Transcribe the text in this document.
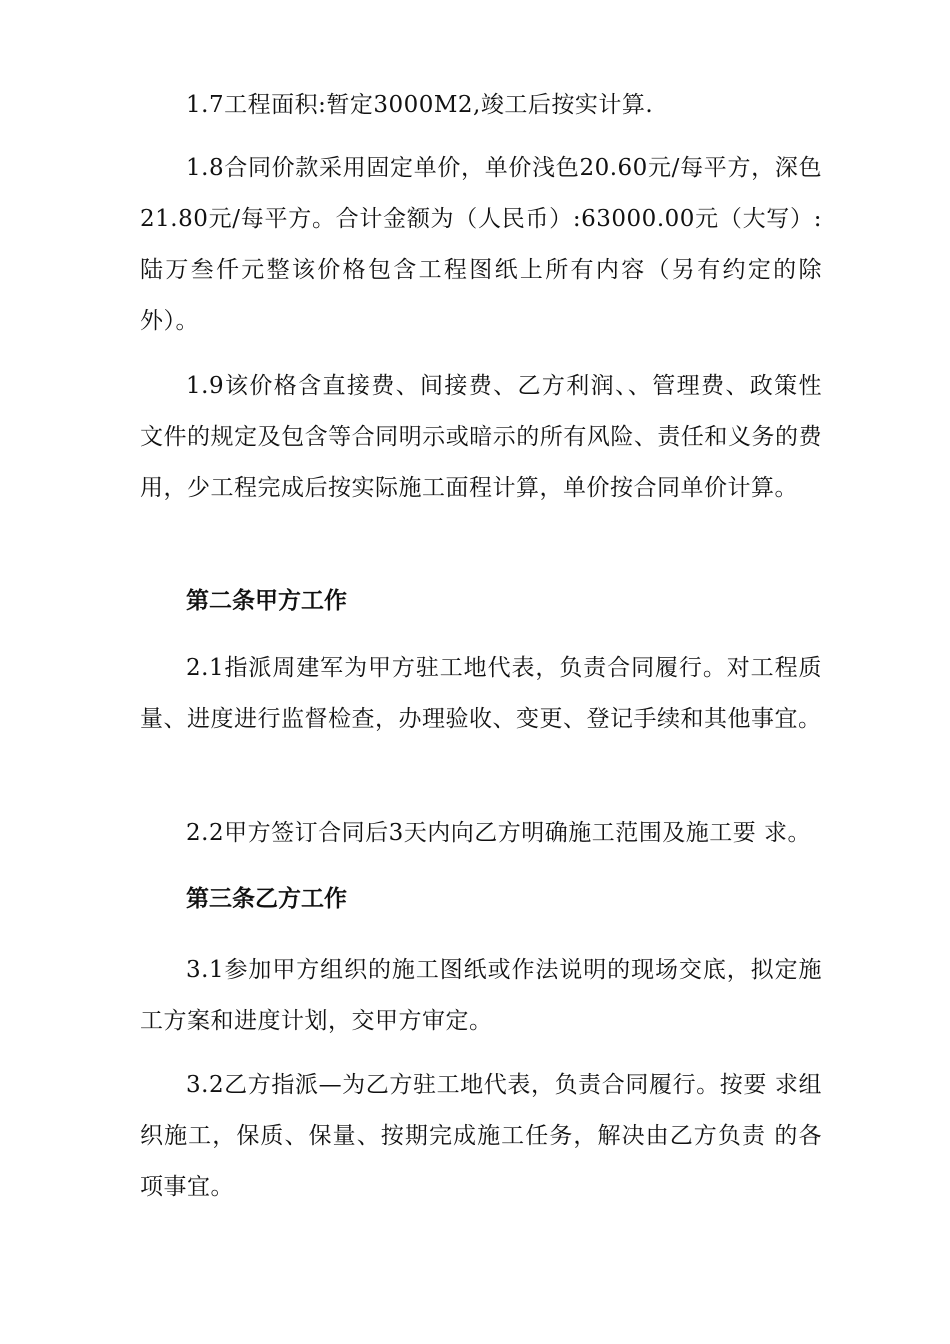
1.7工程面积:暂定3000M2,竣工后按实计算.

1.8合同价款采用固定单价，单价浅色20.60元/每平方，深色21.80元/每平方。合计金额为（人民币）:63000.00元（大写）: 陆万叁仟元整该价格包含工程图纸上所有内容（另有约定的除 外）。

1.9该价格含直接费、间接费、乙方利润、、管理费、政策性文件的规定及包含等合同明示或暗示的所有风险、责任和义务的费用，少工程完成后按实际施工面程计算，单价按合同单价计算。

第二条甲方工作

2.1指派周建军为甲方驻工地代表，负责合同履行。对工程质量、进度进行监督检查，办理验收、变更、登记手续和其他事宜。

2.2甲方签订合同后3天内向乙方明确施工范围及施工要 求。

第三条乙方工作

3.1参加甲方组织的施工图纸或作法说明的现场交底，拟定施工方案和进度计划，交甲方审定。

3.2乙方指派—为乙方驻工地代表，负责合同履行。按要 求组织施工，保质、保量、按期完成施工任务，解决由乙方负责 的各项事宜。
